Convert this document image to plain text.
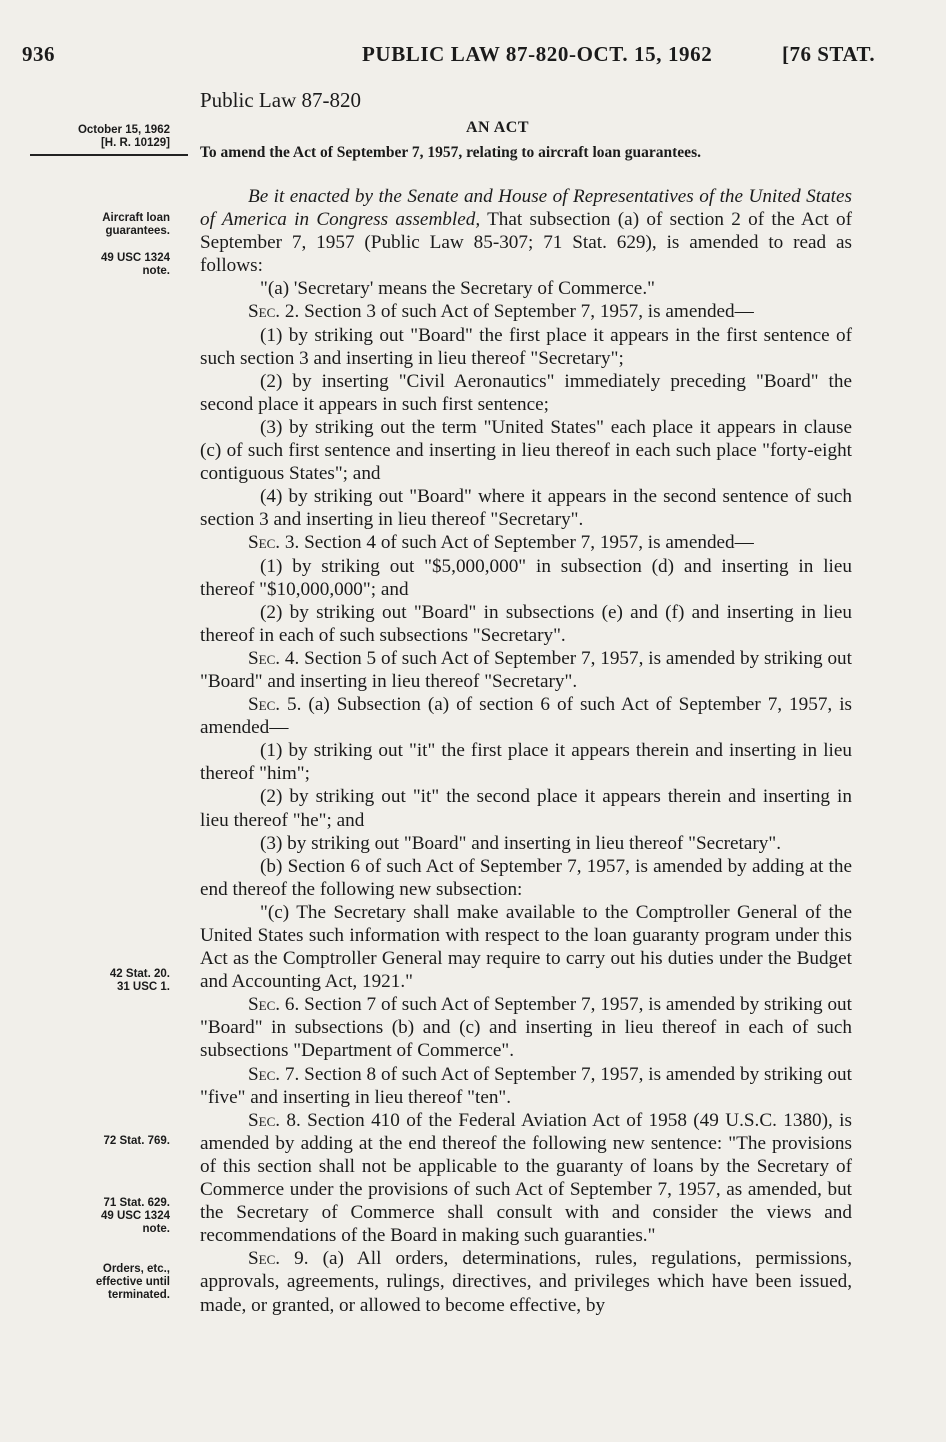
936	PUBLIC LAW 87-820-OCT. 15, 1962	[76 STAT.
Public Law 87-820
AN ACT
To amend the Act of September 7, 1957, relating to aircraft loan guarantees.
October 15, 1962
[H. R. 10129]
Aircraft loan
guarantees.
49 USC 1324
note.
42 Stat. 20.
31 USC 1.
72 Stat. 769.
71 Stat. 629.
49 USC 1324
note.
Orders, etc.,
effective until
terminated.

Be it enacted by the Senate and House of Representatives of the United States of America in Congress assembled, That subsection (a) of section 2 of the Act of September 7, 1957 (Public Law 85-307; 71 Stat. 629), is amended to read as follows:

"(a) 'Secretary' means the Secretary of Commerce."

Sec. 2. Section 3 of such Act of September 7, 1957, is amended—

(1) by striking out "Board" the first place it appears in the first sentence of such section 3 and inserting in lieu thereof "Secretary";

(2) by inserting "Civil Aeronautics" immediately preceding "Board" the second place it appears in such first sentence;

(3) by striking out the term "United States" each place it appears in clause (c) of such first sentence and inserting in lieu thereof in each such place "forty-eight contiguous States"; and

(4) by striking out "Board" where it appears in the second sentence of such section 3 and inserting in lieu thereof "Secretary".

Sec. 3. Section 4 of such Act of September 7, 1957, is amended—

(1) by striking out "$5,000,000" in subsection (d) and inserting in lieu thereof "$10,000,000"; and

(2) by striking out "Board" in subsections (e) and (f) and inserting in lieu thereof in each of such subsections "Secretary".

Sec. 4. Section 5 of such Act of September 7, 1957, is amended by striking out "Board" and inserting in lieu thereof "Secretary".

Sec. 5. (a) Subsection (a) of section 6 of such Act of September 7, 1957, is amended—

(1) by striking out "it" the first place it appears therein and inserting in lieu thereof "him";

(2) by striking out "it" the second place it appears therein and inserting in lieu thereof "he"; and

(3) by striking out "Board" and inserting in lieu thereof "Secretary".

(b) Section 6 of such Act of September 7, 1957, is amended by adding at the end thereof the following new subsection:

"(c) The Secretary shall make available to the Comptroller General of the United States such information with respect to the loan guaranty program under this Act as the Comptroller General may require to carry out his duties under the Budget and Accounting Act, 1921."

Sec. 6. Section 7 of such Act of September 7, 1957, is amended by striking out "Board" in subsections (b) and (c) and inserting in lieu thereof in each of such subsections "Department of Commerce".

Sec. 7. Section 8 of such Act of September 7, 1957, is amended by striking out "five" and inserting in lieu thereof "ten".

Sec. 8. Section 410 of the Federal Aviation Act of 1958 (49 U.S.C. 1380), is amended by adding at the end thereof the following new sentence: "The provisions of this section shall not be applicable to the guaranty of loans by the Secretary of Commerce under the provisions of such Act of September 7, 1957, as amended, but the Secretary of Commerce shall consult with and consider the views and recommendations of the Board in making such guaranties."

Sec. 9. (a) All orders, determinations, rules, regulations, permissions, approvals, agreements, rulings, directives, and privileges which have been issued, made, or granted, or allowed to become effective, by
